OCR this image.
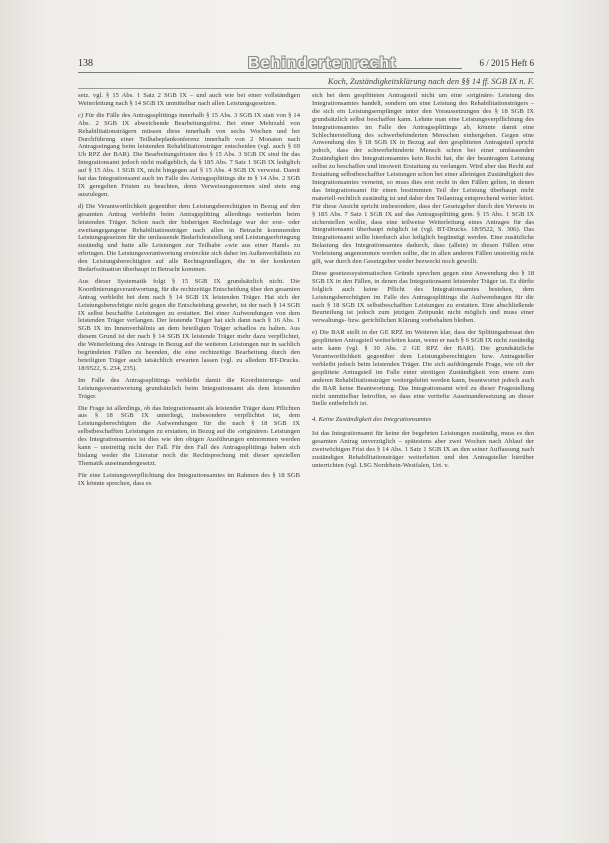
138	Behindertenrecht	6 / 2015 Heft 6
Koch, Zuständigkeitsklärung nach den §§ 14 ff. SGB IX n. F.

setz. vgl. § 15 Abs. 1 Satz 2 SGB IX – und auch wie bei einer vollständigen Weiterleitung nach § 14 SGB IX unmittelbar nach allen Leistungsgesetzen.

c) Für die Fälle des Antragssplittings innerhalb § 15 Abs. 3 SGB IX statt von § 14 Abs. 2 SGB IX abweichende Bearbeitungsfrist. Bei einer Mehrzahl von Rehabilitationsträgern müssen diese innerhalb von sechs Wochen und bei Durchführung einer Teilhabeplankonferenz innerhalb von 2 Monaten nach Antragseingang beim leistenden Rehabilitationsträger entscheiden (vgl. auch § 69 Ub RPZ der BAR). Die Bearbeitungsfristen des § 15 Abs. 3 SGB IX sind für das Integrationsamt jedoch nicht maßgeblich, da § 185 Abs. 7 Satz 1 SGB IX lediglich auf § 15 Abs. 1 SGB IX, nicht hingegen auf § 15 Abs. 4 SGB IX verweist. Damit hat das Integrationsamt auch im Falle des Antragssplittings die in § 14 Abs. 2 SGB IX geregelten Fristen zu beachten, denn Verweisungsnormen sind stets eng auszulegen.

d) Die Verantwortlichkeit gegenüber dem Leistungsberechtigten in Bezug auf den gesamten Antrag verbleibt beim Antragsplitting allerdings weiterhin beim leistenden Träger. Schon nach der bisherigen Rechtslage war der erst- oder zweitangegangene Rehabilitationsträger nach allen in Betracht kommenden Leistungsgesetzen für die umfassende Bedarfsfeststellung und Leistungserbringung zuständig und hatte alle Leistungen zur Teilhabe »wie aus einer Hand« zu erbringen. Die Leistungsverantwortung erstreckte sich daher im Außenverhältnis zu den Leistungsberechtigten auf alle Rechtsgrundlagen, die in der konkreten Bedarfssituation überhaupt in Betracht kommen.

Aus dieser Systematik folgt § 15 SGB IX grundsätzlich nicht. Die Koordinierungsverantwortung, für die rechtzeitige Entscheidung über den gesamten Antrag verbleibt bei dem nach § 14 SGB IX leistenden Träger. Hat sich der Leistungsberechtigte nicht gegen die Entscheidung gewehrt, ist der nach § 14 SGB IX selbst beschaffte Leistungen zu erstatten. Bei einer Aufwendungen von dem leistenden Träger verlangen. Der leistende Träger hat sich dann nach § 16 Abs. 1 SGB IX im Innenverhältnis an dem beteiligten Träger schadlos zu halten. Aus diesem Grund ist der nach § 14 SGB IX leistende Träger mehr dazu verpflichtet, die Weiterleitung des Antrags in Bezug auf die weiteren Leistungen nur in sachlich begründeten Fällen zu beenden, die eine rechtzeitige Bearbeitung durch den beteiligten Träger auch tatsächlich erwarten lassen (vgl. zu alledem BT-Drucks. 18/9522, S. 234, 235).

Im Falle des Antragssplittings verbleibt damit die Koordinierungs- und Leistungsverantwortung grundsätzlich beim Integrationsamt als dem leistenden Träger.

Die Frage ist allerdings, ob das Integrationsamt als leistender Träger dazu Pflichten aus § 18 SGB IX unterliegt, insbesondere verpflichtet ist, dem Leistungsberechtigten die Aufwendungen für die nach § 18 SGB IX selbstbeschafften Leistungen zu erstatten, in Bezug auf die ›originären‹ Leistungen des Integrationsamtes ist dies wie den obigen Ausführungen entnommen werden kann – unstreitig nicht der Fall. Für den Fall des Antragssplittings haben sich bislang weder die Literatur noch die Rechtsprechung mit dieser speziellen Thematik auseinandergesetzt.

Für eine Leistungsverpflichtung des Integrationsamtes im Rahmen des § 18 SGB IX könnte sprechen, dass es

sich bei dem gesplitteten Antragsteil nicht um eine ›originäre‹ Leistung des Integrationsamtes handelt, sondern um eine Leistung des Rehabilitationsträgers – die sich ein Leistungsempfänger unter den Voraussetzungen des § 18 SGB IX grundsätzlich selbst beschaffen kann. Lehnte man eine Leistungsverpflichtung des Integrationsamtes im Falle des Antragssplittings ab, könnte damit eine Schlechterstellung des schwerbehinderten Menschen einhergehen. Gegen eine Anwendung des § 18 SGB IX in Bezug auf den gesplitteten Antragsteil spricht jedoch, dass der schwerbehinderte Mensch schon bei einer umfassenden Zuständigkeit des Integrationsamtes kein Recht hat, die der beantragten Leistung selbst zu beschaffen und insoweit Erstattung zu verlangen. Wird aber das Recht auf Erstattung selbstbeschaffter Leistungen schon bei einer alleinigen Zuständigkeit des Integrationsamtes verneint, so muss dies erst recht in den Fällen gelten, in denen das Integrationsamt für einen bestimmten Teil der Leistung überhaupt nicht materiell-rechtlich zuständig ist und daher den Teilantrag entsprechend weiter leitet. Für diese Ansicht spricht insbesondere, dass der Gesetzgeber durch den Verweis in § 185 Abs. 7 Satz 1 SGB IX auf das Antragssplitting gem. § 15 Abs. 1 SGB IX sicherstellen wollte, dass eine teilweise Weiterleitung eines Antrages für das Integrationsamt überhaupt möglich ist (vgl. BT-Drucks. 18/9522, S. 306). Das Integrationsamt sollte hierdurch also lediglich begünstigt werden. Eine zusätzliche Belastung des Integrationsamtes dadurch, dass (allein) in diesen Fällen eine Vorleistung angenommen werden sollte, die in allen anderen Fällen unstreitig nicht gilt, war durch den Gesetzgeber weder bezweckt noch gewollt.

Diese gesetzessystematischen Gründe sprechen gegen eine Anwendung des § 18 SGB IX in den Fällen, in denen das Integrationsamt leistender Träger ist. Es dürfte folglich auch keine Pflicht des Integrationsamtes bestehen, dem Leistungsberechtigten im Falle des Antragssplittings die Aufwendungen für die nach § 18 SGB IX selbstbeschafften Leistungen zu erstatten. Eine abschließende Beurteilung ist jedoch zum jetzigen Zeitpunkt nicht möglich und muss einer verwaltungs- bzw. gerichtlichen Klärung vorbehalten bleiben.

e) Die BAR stellt in der GE RPZ im Weiteren klar, dass der Splittingadressat den gesplitteten Antragsteil weiterleiten kann, wenn er nach § 6 SGB IX nicht zuständig sein kann (vgl. § 30 Abs. 2 GE RPZ der BAR). Die grundsätzliche Verantwortlichkeit gegenüber dem Leistungsberechtigten bzw. Antragsteller verbleibt jedoch beim leistenden Träger. Die sich aufdrängende Frage, wie oft der gesplittete Antragsteil im Falle einer streitigen Zuständigkeit von einem zum anderen Rehabilitationsträger weitergeleitet werden kann, beantwortet jedoch auch die BAR keine Beantwortung. Das Integrationsamt wird zu dieser Fragestellung nicht unmittelbar betroffen, so dass eine vertiefte Auseinandersetzung an dieser Stelle entbehrlich ist.

4. Keine Zuständigkeit des Integrationsamtes

Ist das Integrationsamt für keine der begehrten Leistungen zuständig, muss es den gesamten Antrag unverzüglich – spätestens aber zwei Wochen nach Ablauf der zweiwöchigen Frist des § 14 Abs. 1 Satz 1 SGB IX an den seiner Auffassung nach zuständigen Rehabilitationsträger weiterleiten und den Antragsteller hierüber unterrichten (vgl. LSG Nordrhein-Westfalen, Urt. v.
